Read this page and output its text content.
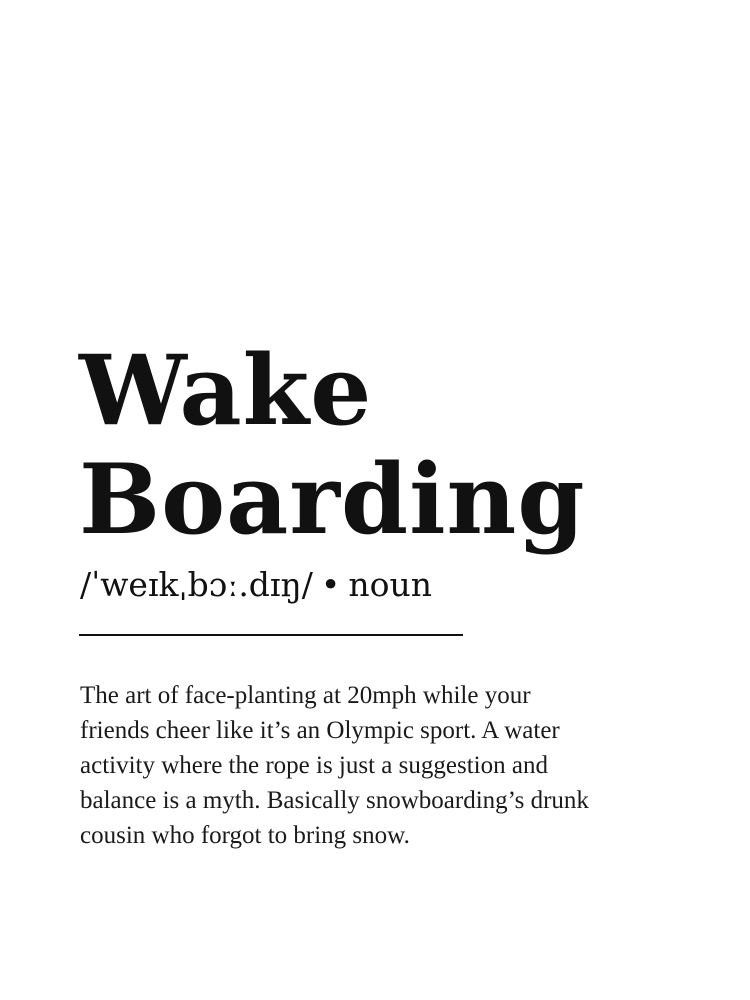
Wake
Boarding
/ˈweɪkˌbɔː.dɪŋ/ • noun

The art of face-planting at 20mph while your
friends cheer like it’s an Olympic sport. A water
activity where the rope is just a suggestion and
balance is a myth. Basically snowboarding’s drunk
cousin who forgot to bring snow.
